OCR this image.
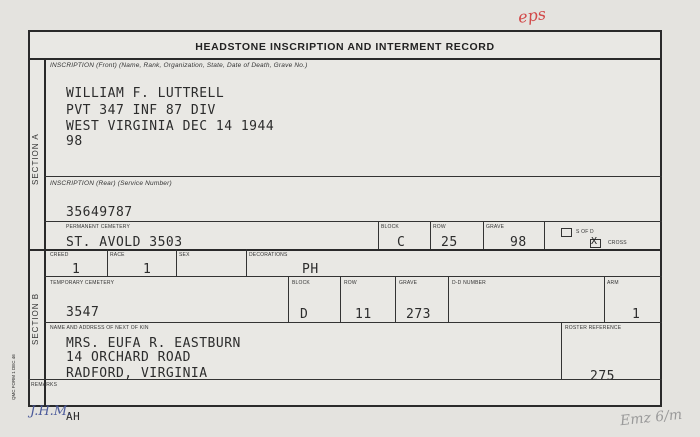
eps
HEADSTONE INSCRIPTION AND INTERMENT RECORD
SECTION A
INSCRIPTION (Front) (Name, Rank, Organization, State, Date of Death, Grave No.)
WILLIAM F. LUTTRELL
PVT 347 INF 87 DIV
WEST VIRGINIA DEC 14 1944
98
INSCRIPTION (Rear) (Service Number)
35649787
PERMANENT CEMETERY
ST. AVOLD 3503
BLOCK
C
ROW
25
GRAVE
98
S OF D
X CROSS
SECTION B
CREED
1
RACE
1
SEX	DECORATIONS
PH
TEMPORARY CEMETERY
3547
BLOCK
D
ROW
11
GRAVE
273
D-D NUMBER	ARM
1
NAME AND ADDRESS OF NEXT OF KIN
MRS. EUFA R. EASTBURN
14 ORCHARD ROAD
RADFORD, VIRGINIA
ROSTER REFERENCE
275
REMARKS
AH
J.H.M.
QMC FORM 1 DEC 46
Emz 6/m
